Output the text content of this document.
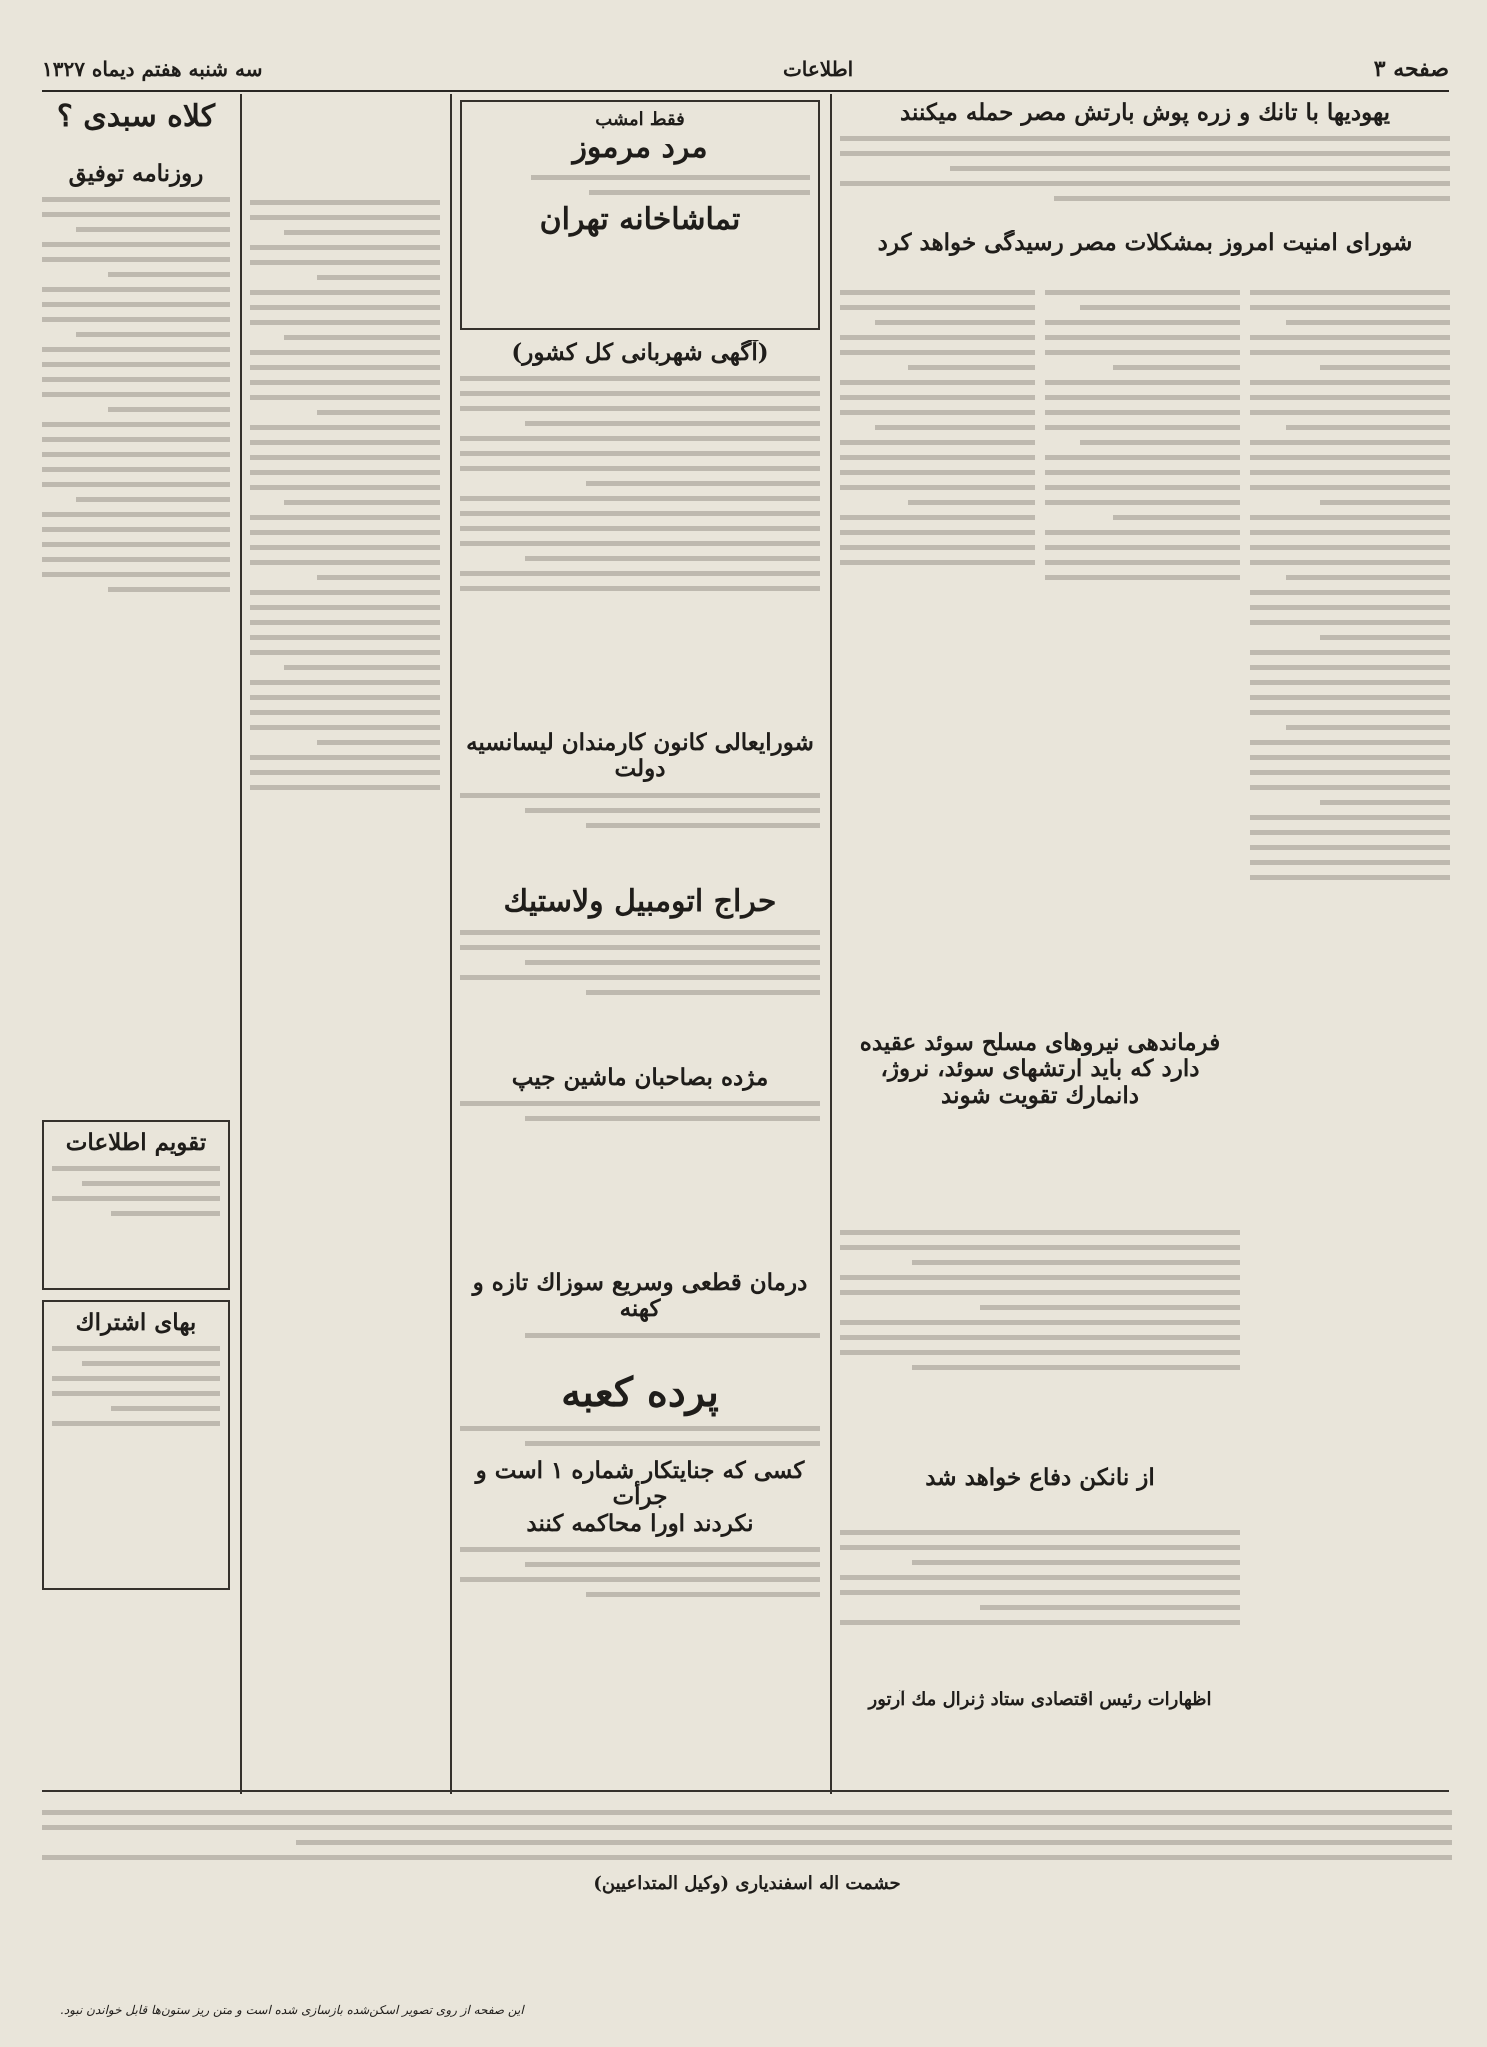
صفحه ۳
اطلاعات
سه شنبه هفتم دیماه ۱۳۲۷
یهودیها با تانك و زره پوش بارتش مصر حمله میکنند
شورای امنیت امروز بمشکلات مصر رسیدگی خواهد کرد
فرماندهی نیروهای مسلح سوئد عقیده دارد که باید ارتشهای سوئد، نروژ، دانمارك تقویت شوند
از نانکن دفاع خواهد شد
اظهارات رئیس اقتصادی ستاد ژنرال مك آرتور
فقط امشب
مرد مرموز
تماشاخانه تهران
(آگهی شهربانی کل کشور)
شورایعالی کانون کارمندان لیسانسیه دولت
حراج اتومبیل ولاستیك
مژده بصاحبان ماشین جیپ
درمان قطعی وسریع سوزاك تازه و کهنه
پرده کعبه
کسی که جنایتکار شماره ۱ است و جرأت
نکردند اورا محاکمه کنند
کلاه سبدی ؟
روزنامه توفیق
تقویم اطلاعات
بهای اشتراك
حشمت اله اسفندیاری (وکیل المتداعیین)
این صفحه از روی تصویر اسکن‌شده بازسازی شده است و متن ریز ستون‌ها قابل خواندن نبود.
